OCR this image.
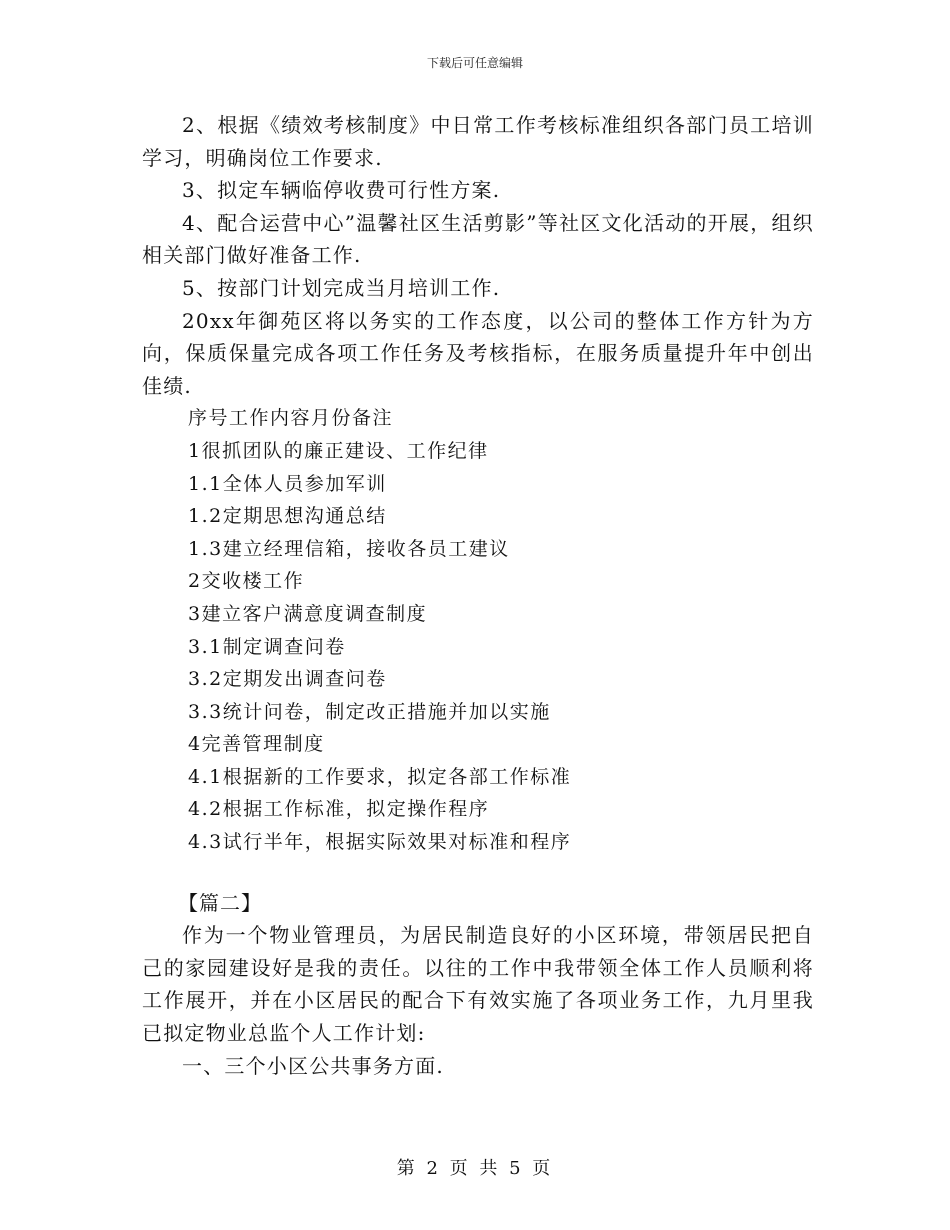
下载后可任意编辑

2、根据《绩效考核制度》中日常工作考核标准组织各部门员工培训学习，明确岗位工作要求.

3、拟定车辆临停收费可行性方案.

4、配合运营中心”温馨社区生活剪影”等社区文化活动的开展，组织相关部门做好准备工作.

5、按部门计划完成当月培训工作.

20xx年御苑区将以务实的工作态度，以公司的整体工作方针为方向，保质保量完成各项工作任务及考核指标，在服务质量提升年中创出佳绩.

序号工作内容月份备注

1很抓团队的廉正建设、工作纪律

1.1全体人员参加军训

1.2定期思想沟通总结

1.3建立经理信箱，接收各员工建议

2交收楼工作

3建立客户满意度调查制度

3.1制定调查问卷

3.2定期发出调查问卷

3.3统计问卷，制定改正措施并加以实施

4完善管理制度

4.1根据新的工作要求，拟定各部工作标准

4.2根据工作标准，拟定操作程序

4.3试行半年，根据实际效果对标准和程序

【篇二】

作为一个物业管理员，为居民制造良好的小区环境，带领居民把自己的家园建设好是我的责任。以往的工作中我带领全体工作人员顺利将工作展开，并在小区居民的配合下有效实施了各项业务工作，九月里我已拟定物业总监个人工作计划:

一、三个小区公共事务方面.

第 2 页 共 5 页
